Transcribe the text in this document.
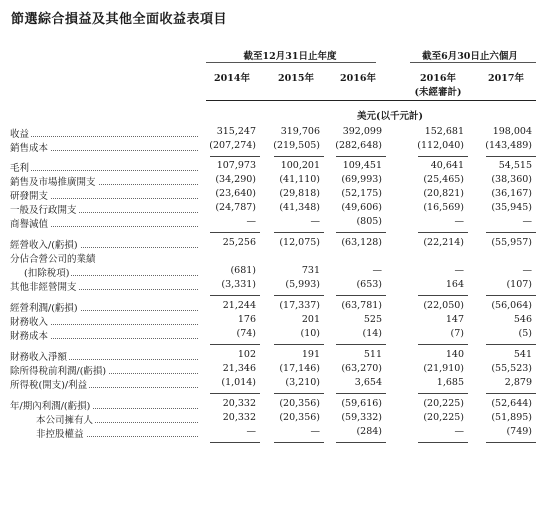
節選綜合損益及其他全面收益表項目
截至12月31日止年度	截至6月30日止六個月
2014年	2015年	2016年	2016年	2017年
(未經審計)
美元(以千元計)
收益	315,247	319,706	392,099	152,681	198,004
銷售成本	(207,274)	(219,505)	(282,648)	(112,040)	(143,489)
毛利	107,973	100,201	109,451	40,641	54,515
銷售及市場推廣開支	(34,290)	(41,110)	(69,993)	(25,465)	(38,360)
研發開支	(23,640)	(29,818)	(52,175)	(20,821)	(36,167)
一般及行政開支	(24,787)	(41,348)	(49,606)	(16,569)	(35,945)
商譽減值	—	—	(805)	—	—
經營收入/(虧損)	25,256	(12,075)	(63,128)	(22,214)	(55,957)
分佔合營公司的業績
(扣除稅項)	(681)	731	—	—	—
其他非經營開支	(3,331)	(5,993)	(653)	164	(107)
經營利潤/(虧損)	21,244	(17,337)	(63,781)	(22,050)	(56,064)
財務收入	176	201	525	147	546
財務成本	(74)	(10)	(14)	(7)	(5)
財務收入淨額	102	191	511	140	541
除所得稅前利潤/(虧損)	21,346	(17,146)	(63,270)	(21,910)	(55,523)
所得稅(開支)/利益	(1,014)	(3,210)	3,654	1,685	2,879
年/期內利潤/(虧損)	20,332	(20,356)	(59,616)	(20,225)	(52,644)
本公司擁有人	20,332	(20,356)	(59,332)	(20,225)	(51,895)
非控股權益	—	—	(284)	—	(749)
